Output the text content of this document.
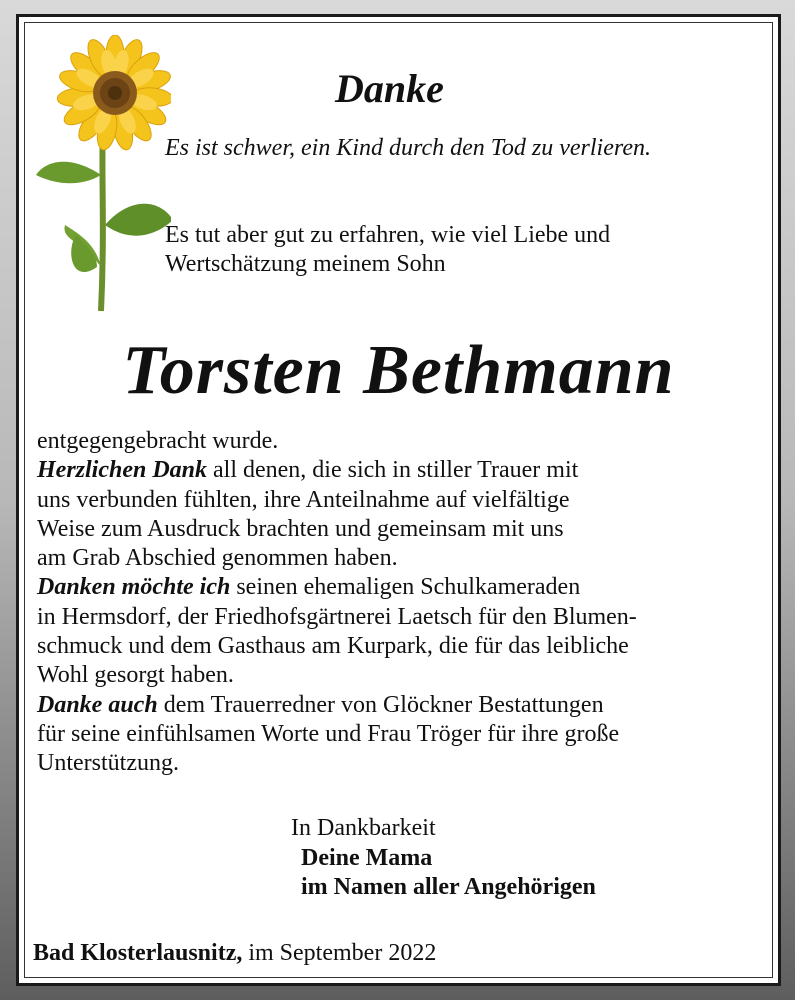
Danke
Es ist schwer, ein Kind durch den Tod zu verlieren.
Es tut aber gut zu erfahren, wie viel Liebe und
Wertschätzung meinem Sohn
Torsten Bethmann

entgegengebracht wurde.

Herzlichen Dank all denen, die sich in stiller Trauer mit
uns verbunden fühlten, ihre Anteilnahme auf vielfältige
Weise zum Ausdruck brachten und gemeinsam mit uns
am Grab Abschied genommen haben.

Danken möchte ich seinen ehemaligen Schulkameraden
in Hermsdorf, der Friedhofsgärtnerei Laetsch für den Blumen-
schmuck und dem Gasthaus am Kurpark, die für das leibliche
Wohl gesorgt haben.

Danke auch dem Trauerredner von Glöckner Bestattungen
für seine einfühlsamen Worte und Frau Tröger für ihre große
Unterstützung.

In Dankbarkeit
Deine Mama
im Namen aller Angehörigen
Bad Klosterlausnitz, im September 2022
